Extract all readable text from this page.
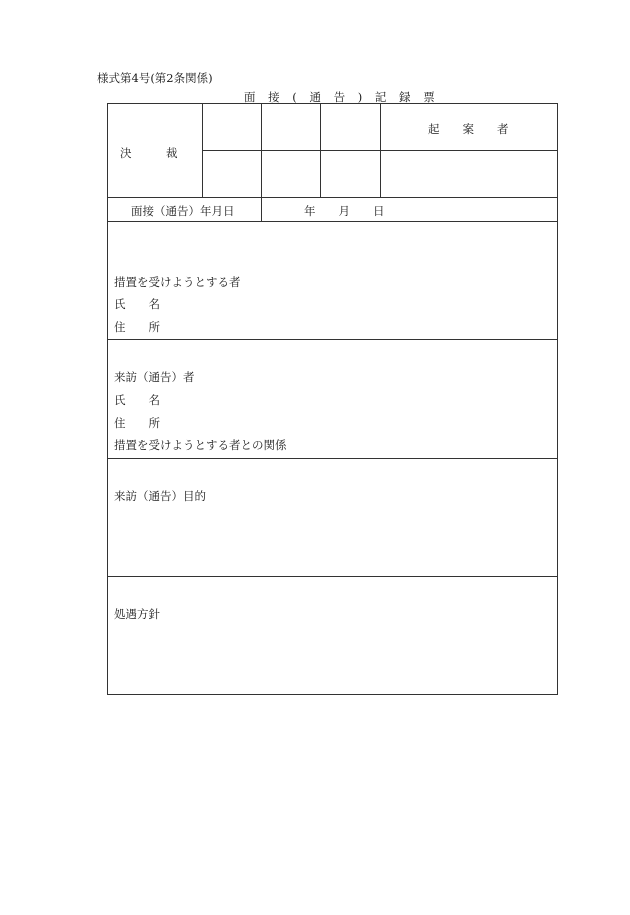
様式第4号(第2条関係)
面 接 ( 通 告 ) 記 録 票
決　　　裁
起　　案　　者
面接（通告）年月日	年　　月　　日
措置を受けようとする者
氏　　名
住　　所
来訪（通告）者
氏　　名
住　　所
措置を受けようとする者との関係
来訪（通告）目的
処遇方針
